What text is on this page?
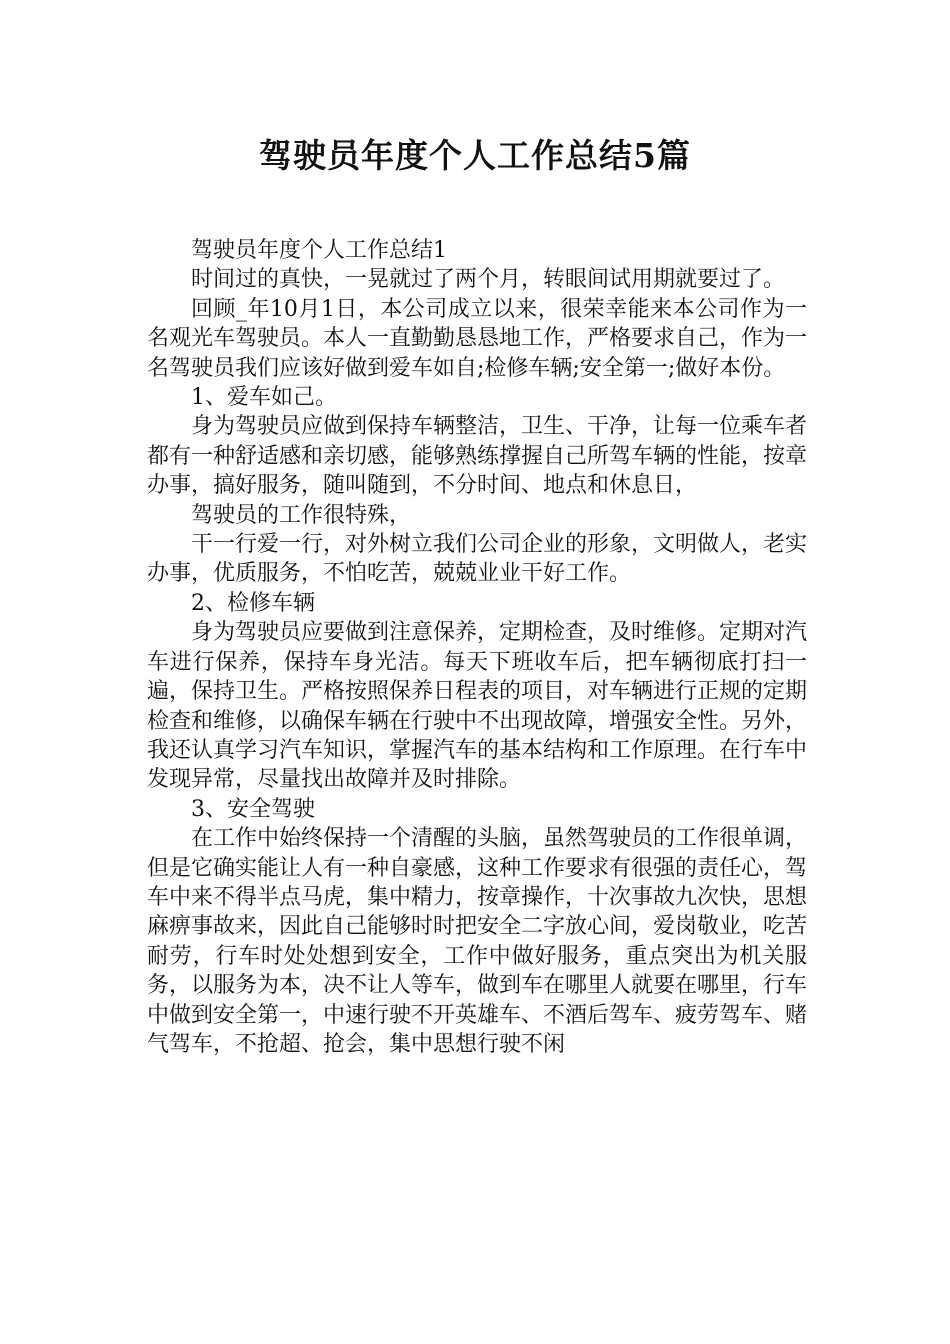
驾驶员年度个人工作总结5篇

驾驶员年度个人工作总结1

时间过的真快，一晃就过了两个月，转眼间试用期就要过了。

回顾_年10月1日，本公司成立以来，很荣幸能来本公司作为一名观光车驾驶员。本人一直勤勤恳恳地工作，严格要求自己，作为一名驾驶员我们应该好做到爱车如自;检修车辆;安全第一;做好本份。

1、爱车如己。

身为驾驶员应做到保持车辆整洁，卫生、干净，让每一位乘车者都有一种舒适感和亲切感，能够熟练撑握自己所驾车辆的性能，按章办事，搞好服务，随叫随到，不分时间、地点和休息日，

驾驶员的工作很特殊，

干一行爱一行，对外树立我们公司企业的形象，文明做人，老实办事，优质服务，不怕吃苦，兢兢业业干好工作。

2、检修车辆

身为驾驶员应要做到注意保养，定期检查，及时维修。定期对汽车进行保养，保持车身光洁。每天下班收车后，把车辆彻底打扫一遍，保持卫生。严格按照保养日程表的项目，对车辆进行正规的定期检查和维修，以确保车辆在行驶中不出现故障，增强安全性。另外，我还认真学习汽车知识，掌握汽车的基本结构和工作原理。在行车中发现异常，尽量找出故障并及时排除。

3、安全驾驶

在工作中始终保持一个清醒的头脑，虽然驾驶员的工作很单调，但是它确实能让人有一种自豪感，这种工作要求有很强的责任心，驾车中来不得半点马虎，集中精力，按章操作，十次事故九次快，思想麻痹事故来，因此自己能够时时把安全二字放心间，爱岗敬业，吃苦耐劳，行车时处处想到安全，工作中做好服务，重点突出为机关服务，以服务为本，决不让人等车，做到车在哪里人就要在哪里，行车中做到安全第一，中速行驶不开英雄车、不酒后驾车、疲劳驾车、赌气驾车，不抢超、抢会，集中思想行驶不闲
